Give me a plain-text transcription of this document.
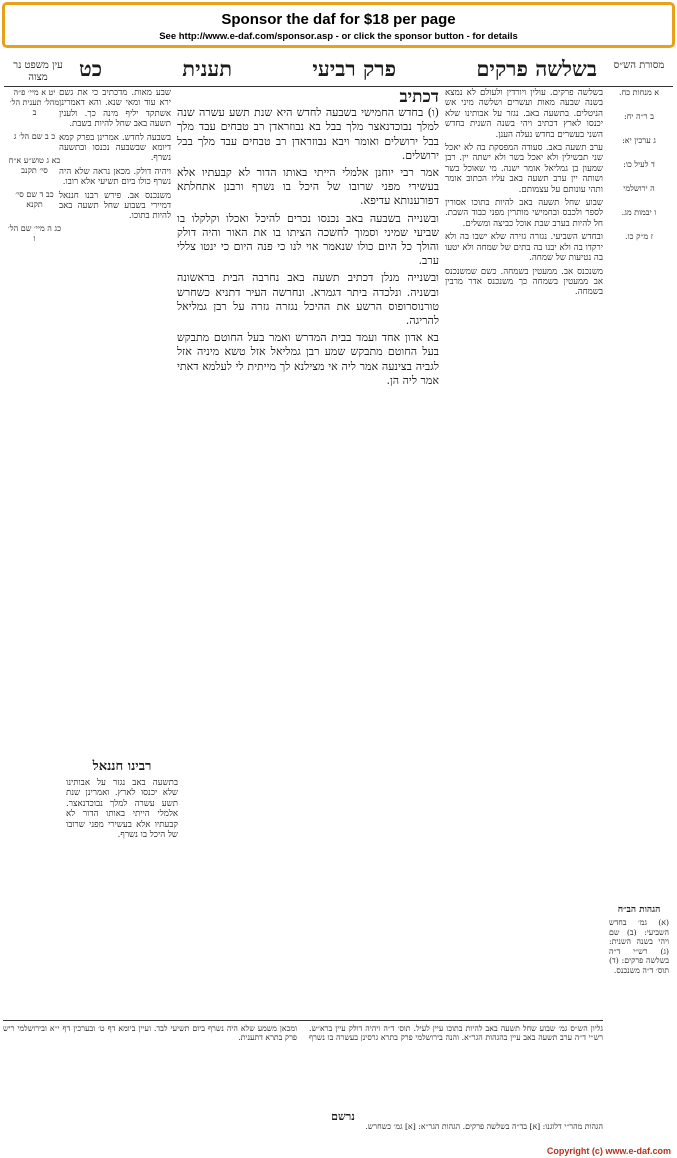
Sponsor the daf for $18 per page
See http://www.e-daf.com/sponsor.asp - or click the sponsor button - for details
מסורת הש״ס
בשלשה פרקים
פרק רביעי
תענית
כט
עין משפט נר מצוה
א מנחות כח.
ב ר״ה יח:
ג ערכין יא:
ד לעיל כו:
ה ירושלמי
ו יבמות מג.
ז מ״ק כו.

בשלשה פרקים. עולין ויורדין ולעולם לא נמצא בשנה שבעה מאות ועשרים ושלשה מיני אש הניטלים. בתשעה באב. נגזר על אבותינו שלא יכנסו לארץ דכתיב ויהי בשנה השנית בחדש השני בעשרים בחדש נעלה הענן.

ערב תשעה באב. סעודה המפסקת בה לא יאכל שני תבשילין ולא יאכל בשר ולא ישתה יין. רבן שמעון בן גמליאל אומר ישנה. מי שאוכל בשר ושותה יין ערב תשעה באב עליו הכתוב אומר ותהי עונותם על עצמותם.

שבוע שחל תשעה באב להיות בתוכו אסורין לספר ולכבס ובחמישי מותרין מפני כבוד השבת. חל להיות בערב שבת אוכל כביצה ומשלים.

ובחדש השביעי. נגזרה גזירה שלא ישבו בה ולא ירקדו בה ולא יבנו בה בתים של שמחה ולא יטעו בה נטיעות של שמחה.

משנכנס אב. ממעטין בשמחה. כשם שמשנכנס אב ממעטין בשמחה כך משנכנס אדר מרבין בשמחה.

דכתיב

(ו) בחדש החמישי בשבעה לחדש היא שנת תשע עשרה שנה למלך נבוכדנאצר מלך בבל בא נבוזראדן רב טבחים עבד מלך בבל ירושלים ואומר ויבא נבוזראדן רב טבחים עבד מלך בבל ירושלים.

אמר רבי יוחנן אלמלי הייתי באותו הדור לא קבעתיו אלא בעשירי מפני שרובו של היכל בו נשרף ורבנן אתחלתא דפורענותא עדיפא.

ובשנייה בשבעה באב נכנסו נכרים להיכל ואכלו וקלקלו בו שביעי שמיני וסמוך לחשכה הציתו בו את האור והיה דולק והולך כל היום כולו שנאמר אוי לנו כי פנה היום כי ינטו צללי ערב.

ובשנייה מנלן דכתיב תשעה באב נחרבה הבית בראשונה ובשניה. ונלכדה ביתר דגמרא. ונחרשה העיר דתניא כשחרש טורנוסרופוס הרשע את ההיכל נגזרה גזרה על רבן גמליאל להריגה.

בא אדון אחד ועמד בבית המדרש ואמר בעל החוטם מתבקש בעל החוטם מתבקש שמע רבן גמליאל אזל טשא מיניה אזל לגביה בצינעה אמר ליה אי מצילנא לך מייתית לי לעלמא דאתי אמר ליה הן.

שבע מאות. מדכתיב כי את גשם ירא עוד ומאי שנא. והא דאמרינן אשתקד יליף מינה כך. ולענין תשעה באב שחל להיות בשבת.

בשבעה לחדש. אמרינן בפרק קמא דיומא שבשבעה נכנסו ובתשעה נשרף.

ויהיה דולק. מכאן נראה שלא היה נשרף כולו ביום תשיעי אלא רובו.

משנכנס אב. פירש רבנו חננאל דמיירי בשבוע שחל תשעה באב להיות בתוכו.

יט א מיי׳ פ״ה מהל׳ תענית הל׳ ב
כ ב שם הל׳ ג
כא ג טוש״ע א״ח סי׳ תקנב
כב ד שם סי׳ תקנא
כג ה מיי׳ שם הל׳ ו
רבינו חננאל
בתשעה באב נגזר על אבותינו שלא יכנסו לארץ. ואמרינן שנת תשע עשרה למלך נבוכדנאצר. אלמלי הייתי באותו הדור לא קבעתיו אלא בעשירי מפני שרובו של היכל בו נשרף.
הגהות הב״ח
(א) גמ׳ בחדש השביעי: (ב) שם ויהי בשנה השנית: (ג) רש״י ד״ה בשלשה פרקים: (ד) תוס׳ ד״ה משנכנס.
גליון הש״ס גמ׳ שבוע שחל תשעה באב להיות בתוכו עיין לעיל. תוס׳ ד״ה ויהיה דולק עיין ברא״ש. רש״י ד״ה ערב תשעה באב עיין בהגהות הגר״א. והנה בירושלמי פרק בתרא גרסינן בעשרה בו נשרף ומכאן משמע שלא היה נשרף ביום תשיעי לבד. ועיין ביומא דף ט׳ ובערכין דף י״א ובירושלמי ריש פרק בתרא דתענית.
נרשם
הגהות מהר״י דלוגנו: [א] בד״ה בשלשה פרקים. הגהות הגר״א: [א] גמ׳ כשחרש.
Copyright (c) www.e-daf.com
